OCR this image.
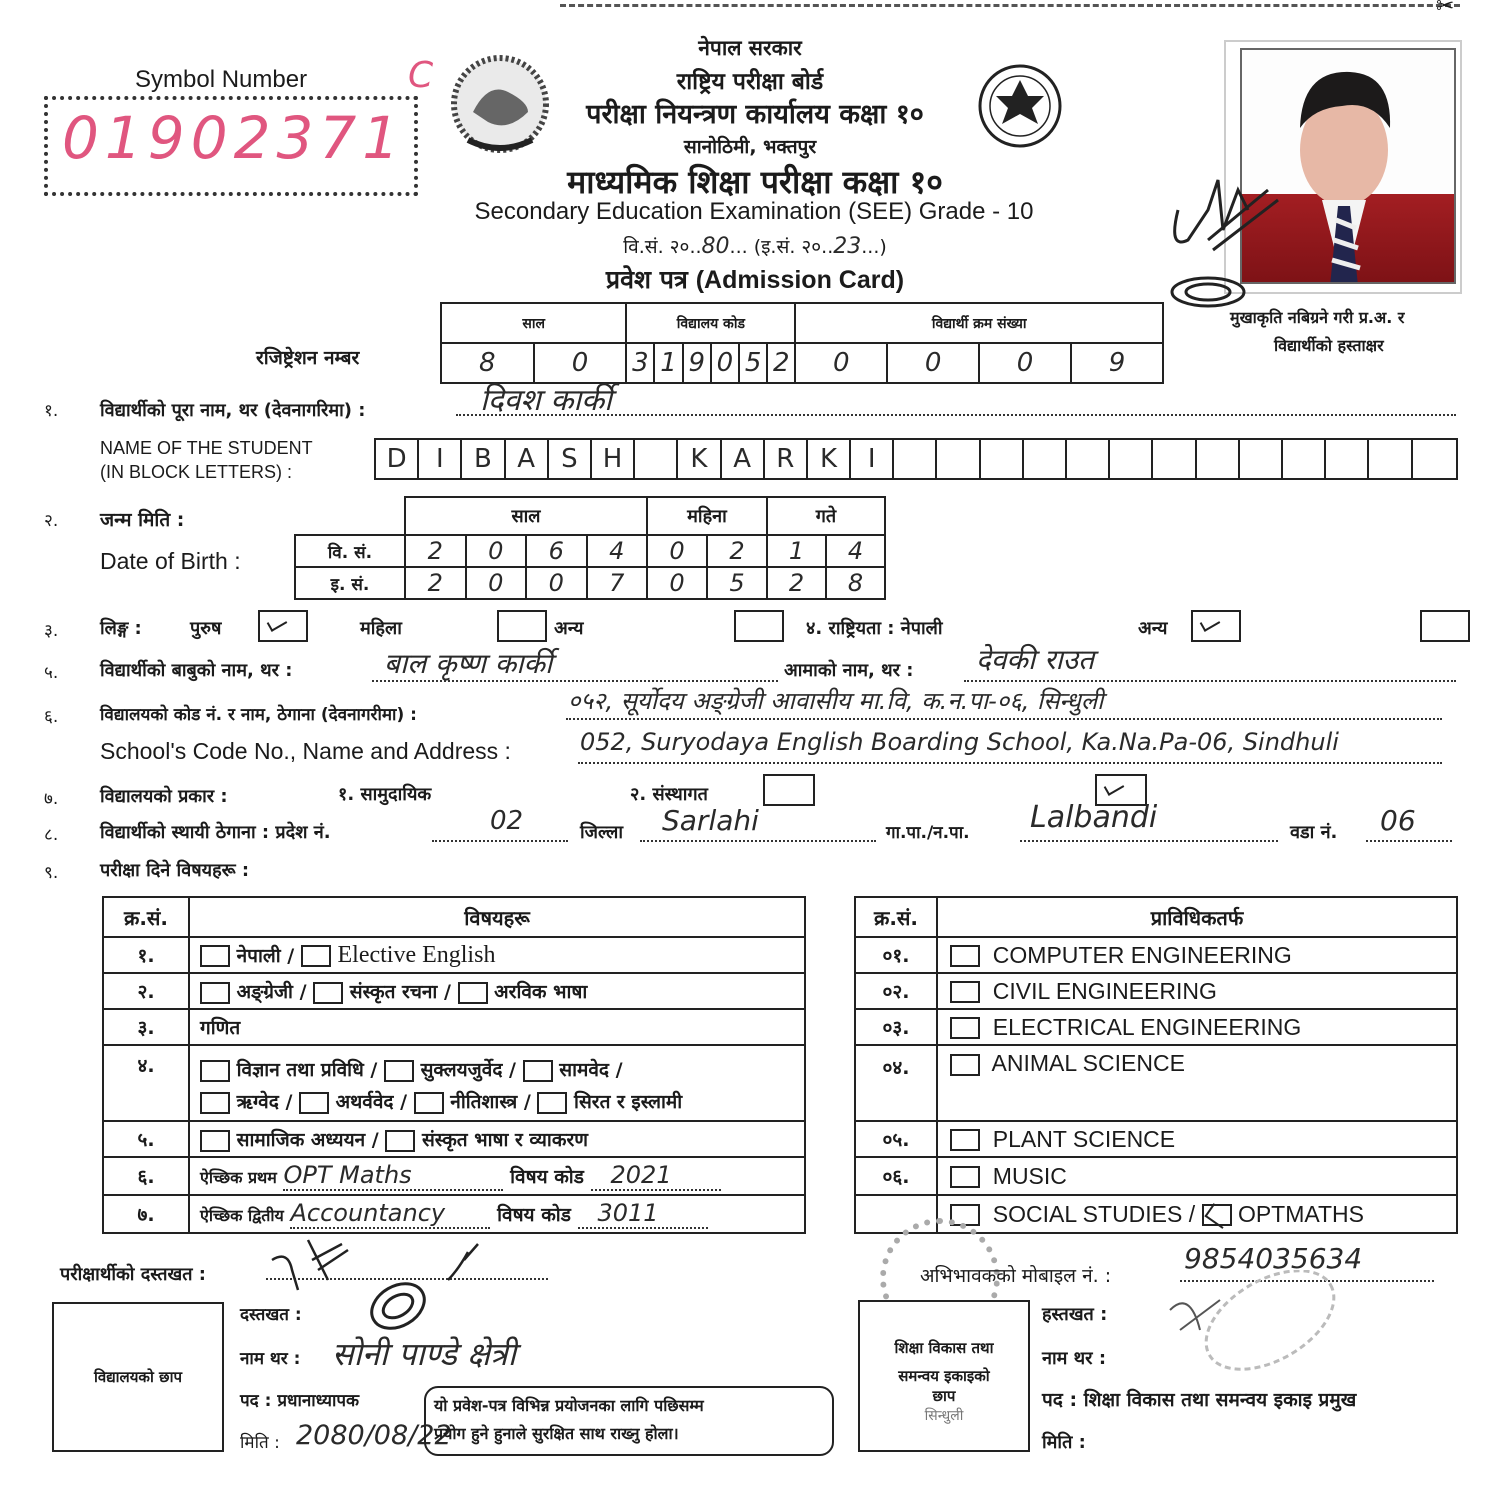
✂
Symbol Number
01902371
C
नेपाल सरकार
राष्ट्रिय परीक्षा बोर्ड
परीक्षा नियन्त्रण कार्यालय कक्षा १०
सानोठिमी, भक्तपुर
माध्यमिक शिक्षा परीक्षा कक्षा १०
Secondary Education Examination (SEE) Grade - 10
वि.सं. २०..80... (इ.सं. २०..23...)
प्रवेश पत्र (Admission Card)
मुखाकृति नबिग्रने गरी प्र.अ. र
विद्यार्थीको हस्ताक्षर
रजिष्ट्रेशन नम्बर
साल		विद्यालय कोड						विद्यार्थी क्रम संख्या			
8	0	3	1	9	0	5	2	0	0	0	9
१. विद्यार्थीको पूरा नाम, थर (देवनागरिमा) :	दिवश कार्की
NAME OF THE STUDENT
(IN BLOCK LETTERS) :	D	I	B A	S H	K A R K	I
२. जन्म मिति :
Date of Birth :
	साल				महिना		गते	
वि. सं.	2	0	6	4	0	2	1	4
इ. सं.	2	0	0	7	0	5	2	8
३. लिङ्ग :	पुरुष
	महिला
	अन्य
	४. राष्ट्रियता : नेपाली
	अन्य

५. विद्यार्थीको बाबुको नाम, थर :	बाल कृष्ण कार्की	आमाको नाम, थर : देवकी राउत
६. विद्यालयको कोड नं. र नाम, ठेगाना (देवनागरीमा) :	०५२, सूर्योदय अङ्ग्रेजी आवासीय मा.वि, क.न.पा-०६, सिन्धुली
School's Code No., Name and Address :	052, Suryodaya English Boarding School, Ka.Na.Pa-06, Sindhuli
७. विद्यालयको प्रकार :	१. सामुदायिक
	२. संस्थागत
८. विद्यार्थीको स्थायी ठेगाना : प्रदेश नं.	02	जिल्ला Sarlahi	गा.पा./न.पा. Lalbandi	वडा नं. 06
९. परीक्षा दिने विषयहरू :
क्र.सं.	विषयहरू
१.	नेपाली /  Elective English
२.	अङ्ग्रेजी /  संस्कृत रचना /  अरविक भाषा
३.	गणित
४.	विज्ञान तथा प्रविधि /  सुक्लयजुर्वेद /  सामवेद /
ऋग्वेद /  अथर्ववेद /  नीतिशास्त्र /  सिरत र इस्लामी
५.	सामाजिक अध्ययन /  संस्कृत भाषा र व्याकरण
६.	ऐच्छिक प्रथम OPT Maths विषय कोड 2021
७.	ऐच्छिक द्वितीय Accountancy विषय कोड 3011
क्र.सं.	प्राविधिकतर्फ
०१.	COMPUTER ENGINEERING
०२.	CIVIL ENGINEERING
०३.	ELECTRICAL ENGINEERING
०४.	ANIMAL SCIENCE
०५.	PLANT SCIENCE
०६.	MUSIC
	SOCIAL STUDIES / OPTMATHS
परीक्षार्थीको दस्तखत :
विद्यालयको छाप
दस्तखत :
नाम थर : सोनी पाण्डे क्षेत्री
पद : प्रधानाध्यापक
मिति : 2080/08/22
यो प्रवेश-पत्र विभिन्न प्रयोजनका लागि पछिसम्म
प्रयोग हुने हुनाले सुरक्षित साथ राख्नु होला।
अभिभावकको मोबाइल नं. :
9854035634
शिक्षा विकास तथा
समन्वय इकाइको
छाप
सिन्धुली
हस्तखत :
नाम थर :
पद : शिक्षा विकास तथा समन्वय इकाइ प्रमुख
मिति :
